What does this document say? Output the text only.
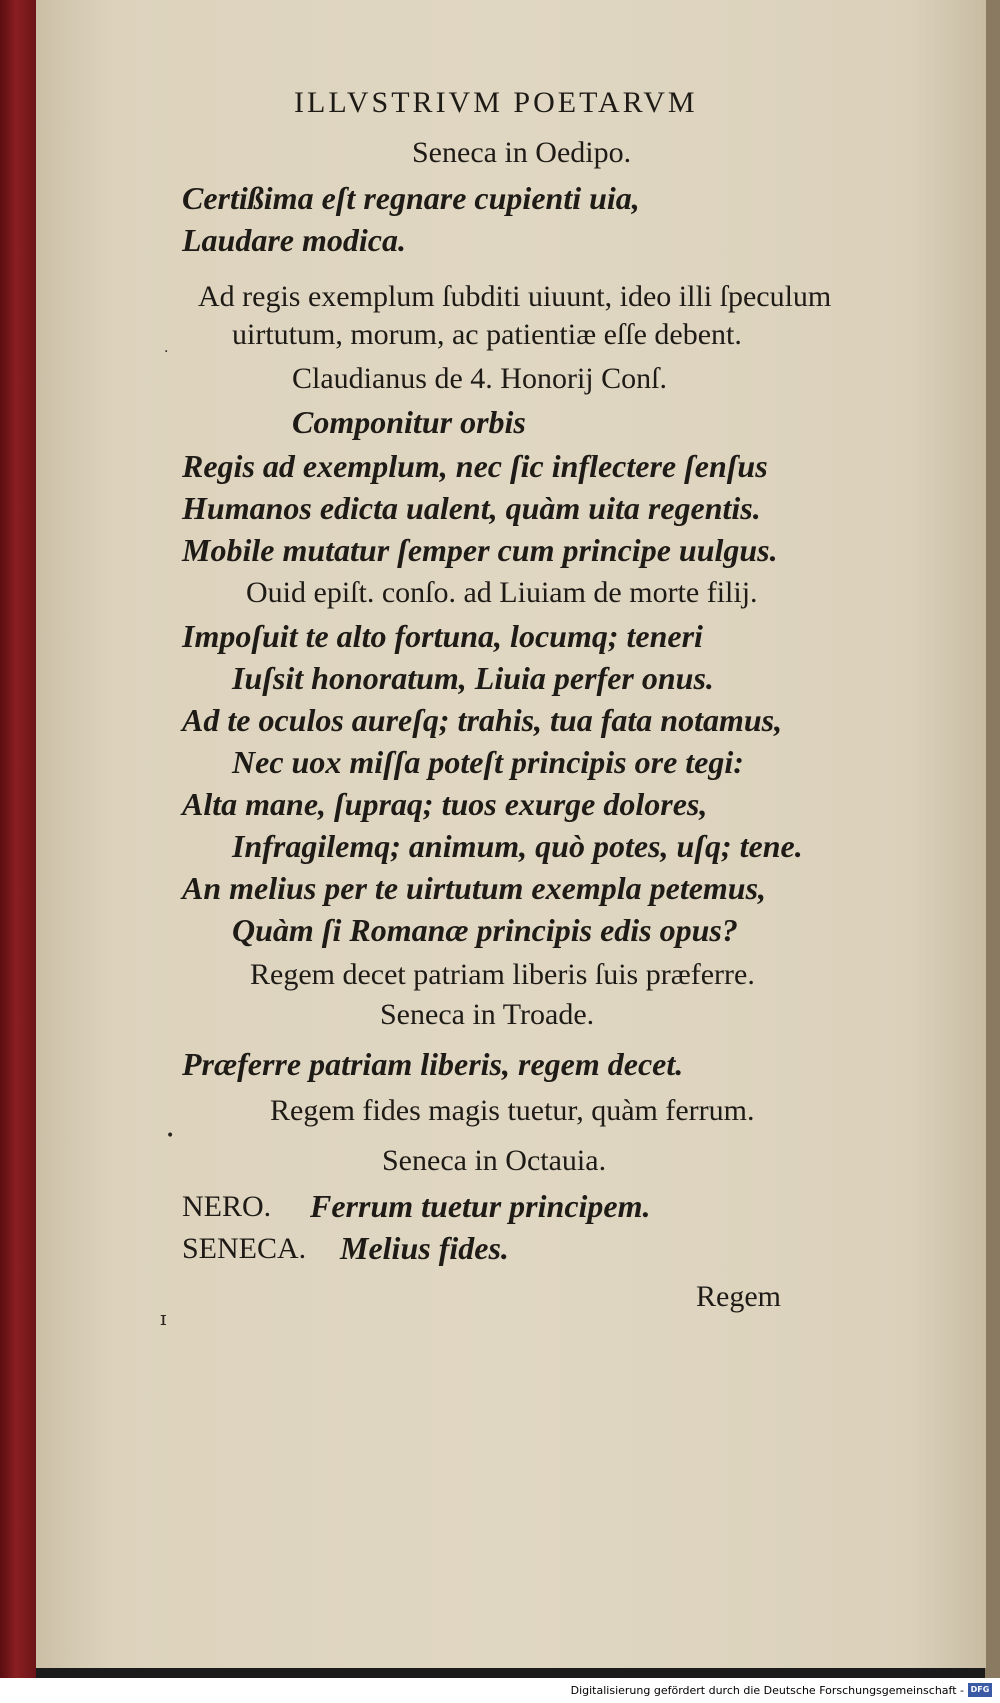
ILLVSTRIVM POETARVM
Seneca in Oedipo.
Certißima eſt regnare cupienti uia,
Laudare modica.
Ad regis exemplum ſubditi uiuunt, ideo illi ſpeculum
uirtutum, morum, ac patientiæ eſſe debent.
Claudianus de 4. Honorij Conſ.
Componitur orbis
Regis ad exemplum, nec ſic inflectere ſenſus
Humanos edicta ualent, quàm uita regentis.
Mobile mutatur ſemper cum principe uulgus.
Ouid epiſt. conſo. ad Liuiam de morte filij.
Impoſuit te alto fortuna, locumq; teneri
Iuſsit honoratum, Liuia perfer onus.
Ad te oculos aureſq; trahis, tua fata notamus,
Nec uox miſſa poteſt principis ore tegi:
Alta mane, ſupraq; tuos exurge dolores,
Infragilemq; animum, quò potes, uſq; tene.
An melius per te uirtutum exempla petemus,
Quàm ſi Romanæ principis edis opus?
Regem decet patriam liberis ſuis præferre.
Seneca in Troade.
Præferre patriam liberis, regem decet.
Regem fides magis tuetur, quàm ferrum.
Seneca in Octauia.
NERO. Ferrum tuetur principem.
SENECA. Melius fides.
Regem
·
•
ɪ
Digitalisierung gefördert durch die Deutsche Forschungsgemeinschaft - DFG
